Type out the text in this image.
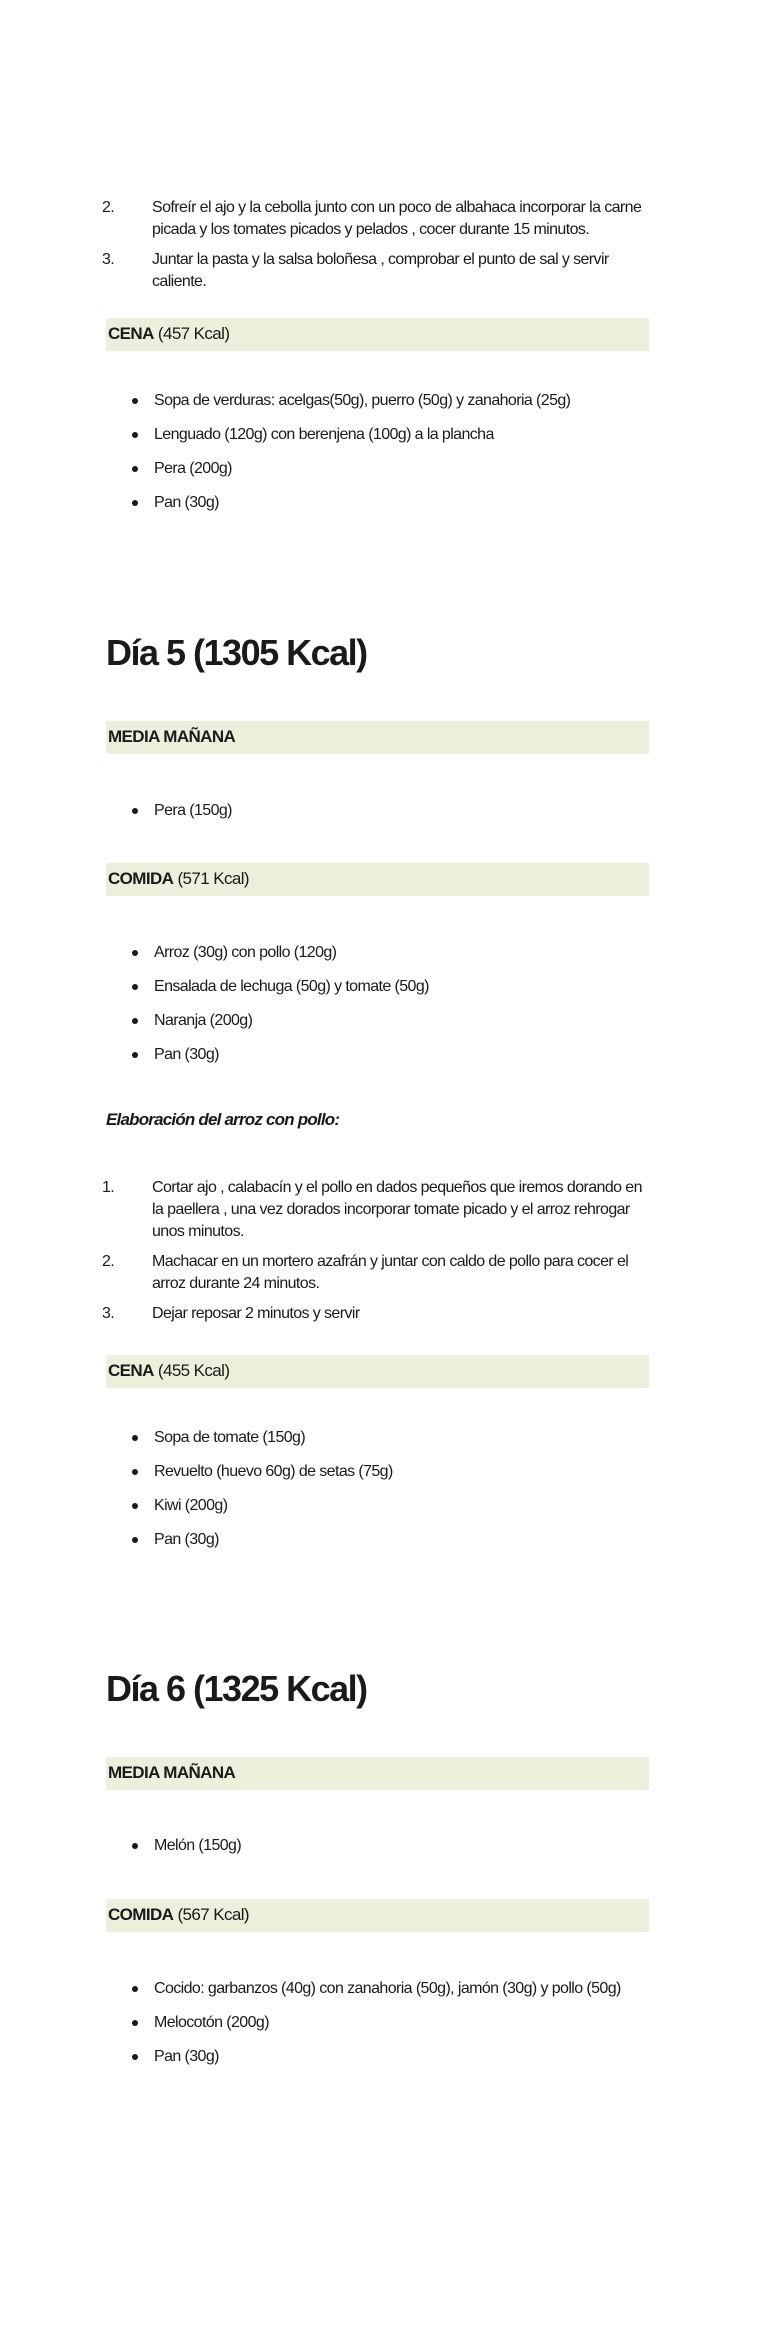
2.	Sofreír el ajo y la cebolla junto con un poco de albahaca incorporar la carne picada y los tomates picados y pelados , cocer durante 15 minutos.
3.	Juntar la pasta y la salsa boloñesa , comprobar el punto de sal y servir caliente.
CENA (457 Kcal)
Sopa de verduras: acelgas(50g), puerro (50g) y zanahoria (25g)
Lenguado (120g) con berenjena (100g) a la plancha
Pera (200g)
Pan (30g)
Día 5 (1305 Kcal)
MEDIA MAÑANA
Pera (150g)
COMIDA (571 Kcal)
Arroz (30g) con pollo (120g)
Ensalada de lechuga (50g) y tomate (50g)
Naranja (200g)
Pan (30g)
Elaboración del arroz con pollo:
1.	Cortar ajo , calabacín y el pollo en dados pequeños que iremos dorando en la paellera , una vez dorados incorporar tomate picado y el arroz rehrogar unos minutos.
2.	Machacar en un mortero azafrán y juntar con caldo de pollo para cocer el arroz durante 24 minutos.
3.	Dejar reposar 2 minutos y servir
CENA (455 Kcal)
Sopa de tomate (150g)
Revuelto (huevo 60g) de setas (75g)
Kiwi (200g)
Pan (30g)
Día 6 (1325 Kcal)
MEDIA MAÑANA
Melón (150g)
COMIDA (567 Kcal)
Cocido: garbanzos (40g) con zanahoria (50g), jamón (30g) y pollo (50g)
Melocotón (200g)
Pan (30g)
